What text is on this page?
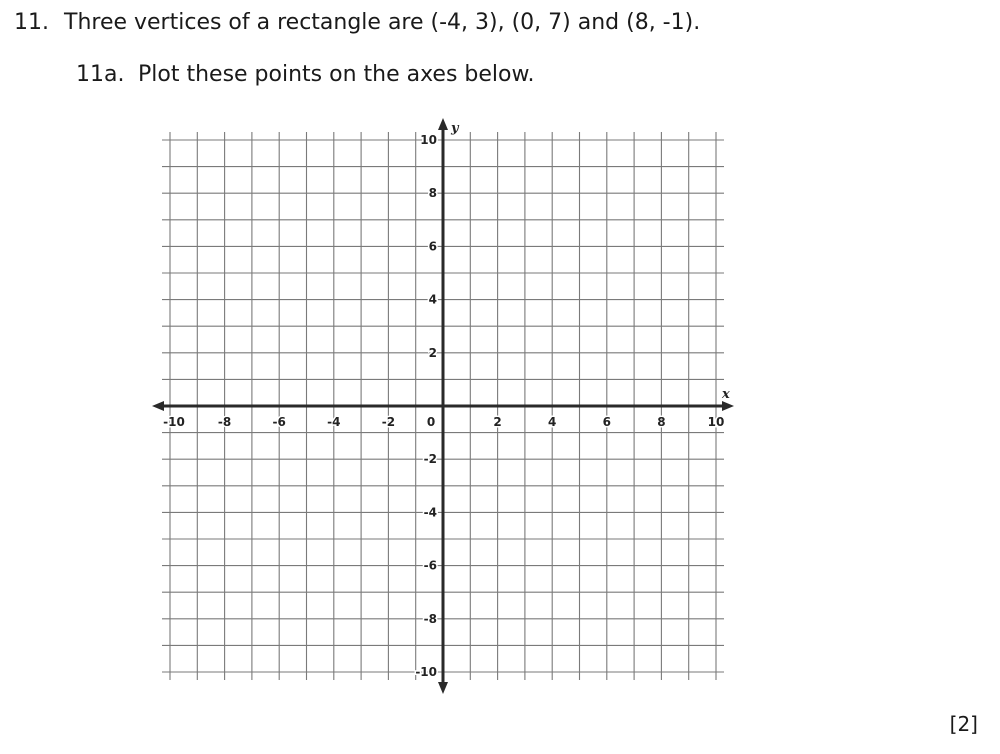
11. Three vertices of a rectangle are (-4, 3), (0, 7) and (8, -1).
11a. Plot these points on the axes below.
x
y
-10	-8	-6	-4	-2	0	2	4	6	8	10
10
8
6
4
2
-2
-4
-6
-8
-10
[2]
